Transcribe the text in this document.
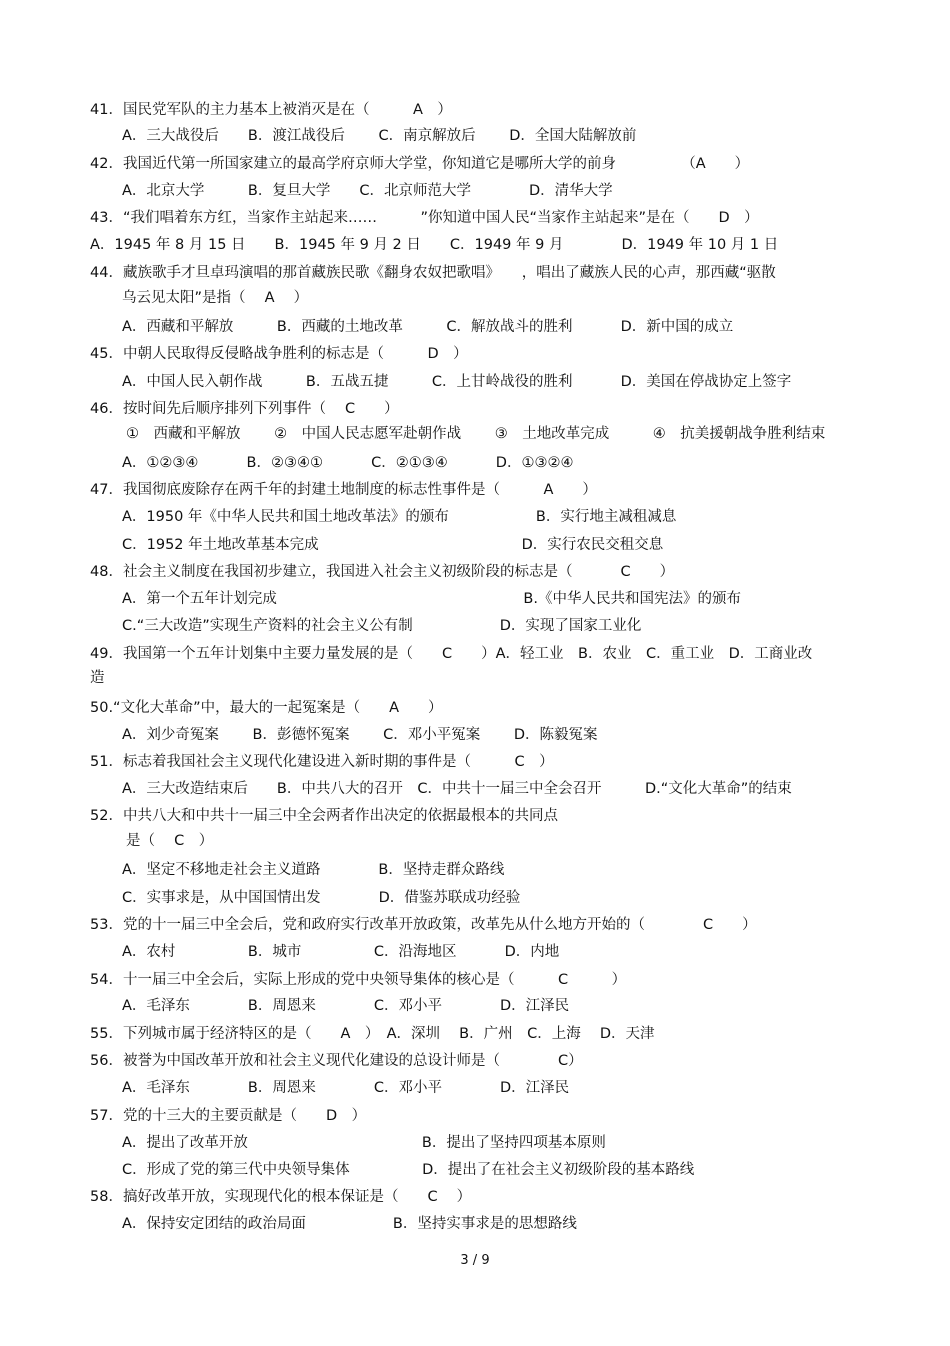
41．国民党军队的主力基本上被消灭是在（　　　A　）
A．三大战役后　　B．渡江战役后　　 C．南京解放后　　 D．全国大陆解放前
42．我国近代第一所国家建立的最高学府京师大学堂，你知道它是哪所大学的前身　　　　　（A　　）
A．北京大学　　　B．复旦大学　　C．北京师范大学　　　　D．清华大学
43．“我们唱着东方红，当家作主站起来……　　　”你知道中国人民“当家作主站起来”是在（　　D　）
A．1945 年 8 月 15 日　　B．1945 年 9 月 2 日　　C．1949 年 9 月　　　　D．1949 年 10 月 1 日
44．藏族歌手才旦卓玛演唱的那首藏族民歌《翻身农奴把歌唱》　　，唱出了藏族人民的心声，那西藏“驱散
乌云见太阳”是指（　 A　 ）
A．西藏和平解放　　　B．西藏的土地改革　　　C．解放战斗的胜利　　　 D．新中国的成立
45．中朝人民取得反侵略战争胜利的标志是（　　　D　）
A．中国人民入朝作战　　　B．五战五捷　　　C．上甘岭战役的胜利　　　 D．美国在停战协定上签字
46．按时间先后顺序排列下列事件（　 C　　）
①　西藏和平解放　　 ②　中国人民志愿军赴朝作战　　 ③　土地改革完成　　　④　抗美援朝战争胜利结束
A．①②③④　　　 B．②③④①　　　 C．②①③④　　　 D．①③②④
47．我国彻底废除存在两千年的封建土地制度的标志性事件是（　　　A　　）
A．1950 年《中华人民共和国土地改革法》的颁布　　　　　　B．实行地主减租减息
C．1952 年土地改革基本完成　　　　　　　　　　　　　　D．实行农民交租交息
48．社会主义制度在我国初步建立，我国进入社会主义初级阶段的标志是（　　　 C　　）
A．第一个五年计划完成　　　　　　　　　　　　　　　　　B.《中华人民共和国宪法》的颁布
C.“三大改造”实现生产资料的社会主义公有制　　　　　　D．实现了国家工业化
49．我国第一个五年计划集中主要力量发展的是（　　C　　）A．轻工业　B．农业　C．重工业　D．工商业改
造
50.“文化大革命”中，最大的一起冤案是（　　A　　）
A．刘少奇冤案　　 B．彭德怀冤案　　 C．邓小平冤案　　 D．陈毅冤案
51．标志着我国社会主义现代化建设进入新时期的事件是（　　　C　）
A．三大改造结束后　　B．中共八大的召开　C．中共十一届三中全会召开　　　D.“文化大革命”的结束
52．中共八大和中共十一届三中全会两者作出决定的依据最根本的共同点
是（　 C　）
A．坚定不移地走社会主义道路　　　　B．坚持走群众路线
C．实事求是，从中国国情出发　　　　D．借鉴苏联成功经验
53．党的十一届三中全会后，党和政府实行改革开放政策，改革先从什么地方开始的（　　　　C　　）
A．农村　　　　　B．城市　　　　　C．沿海地区　　　 D．内地
54．十一届三中全会后，实际上形成的党中央领导集体的核心是（　　　C　　　）
A．毛泽东　　　　B．周恩来　　　　C．邓小平　　　　D．江泽民
55．下列城市属于经济特区的是（　　A　）　A．深圳　 B．广州　C．上海　 D．天津
56．被誉为中国改革开放和社会主义现代化建设的总设计师是（　　　　C）
A．毛泽东　　　　B．周恩来　　　　C．邓小平　　　　D．江泽民
57．党的十三大的主要贡献是（　　D　）
A．提出了改革开放　　　　　　　　　　　　B．提出了坚持四项基本原则
C．形成了党的第三代中央领导集体　　　　　D．提出了在社会主义初级阶段的基本路线
58．搞好改革开放，实现现代化的根本保证是（　　C　 ）
A．保持安定团结的政治局面　　　　　　B．坚持实事求是的思想路线
3 / 9
